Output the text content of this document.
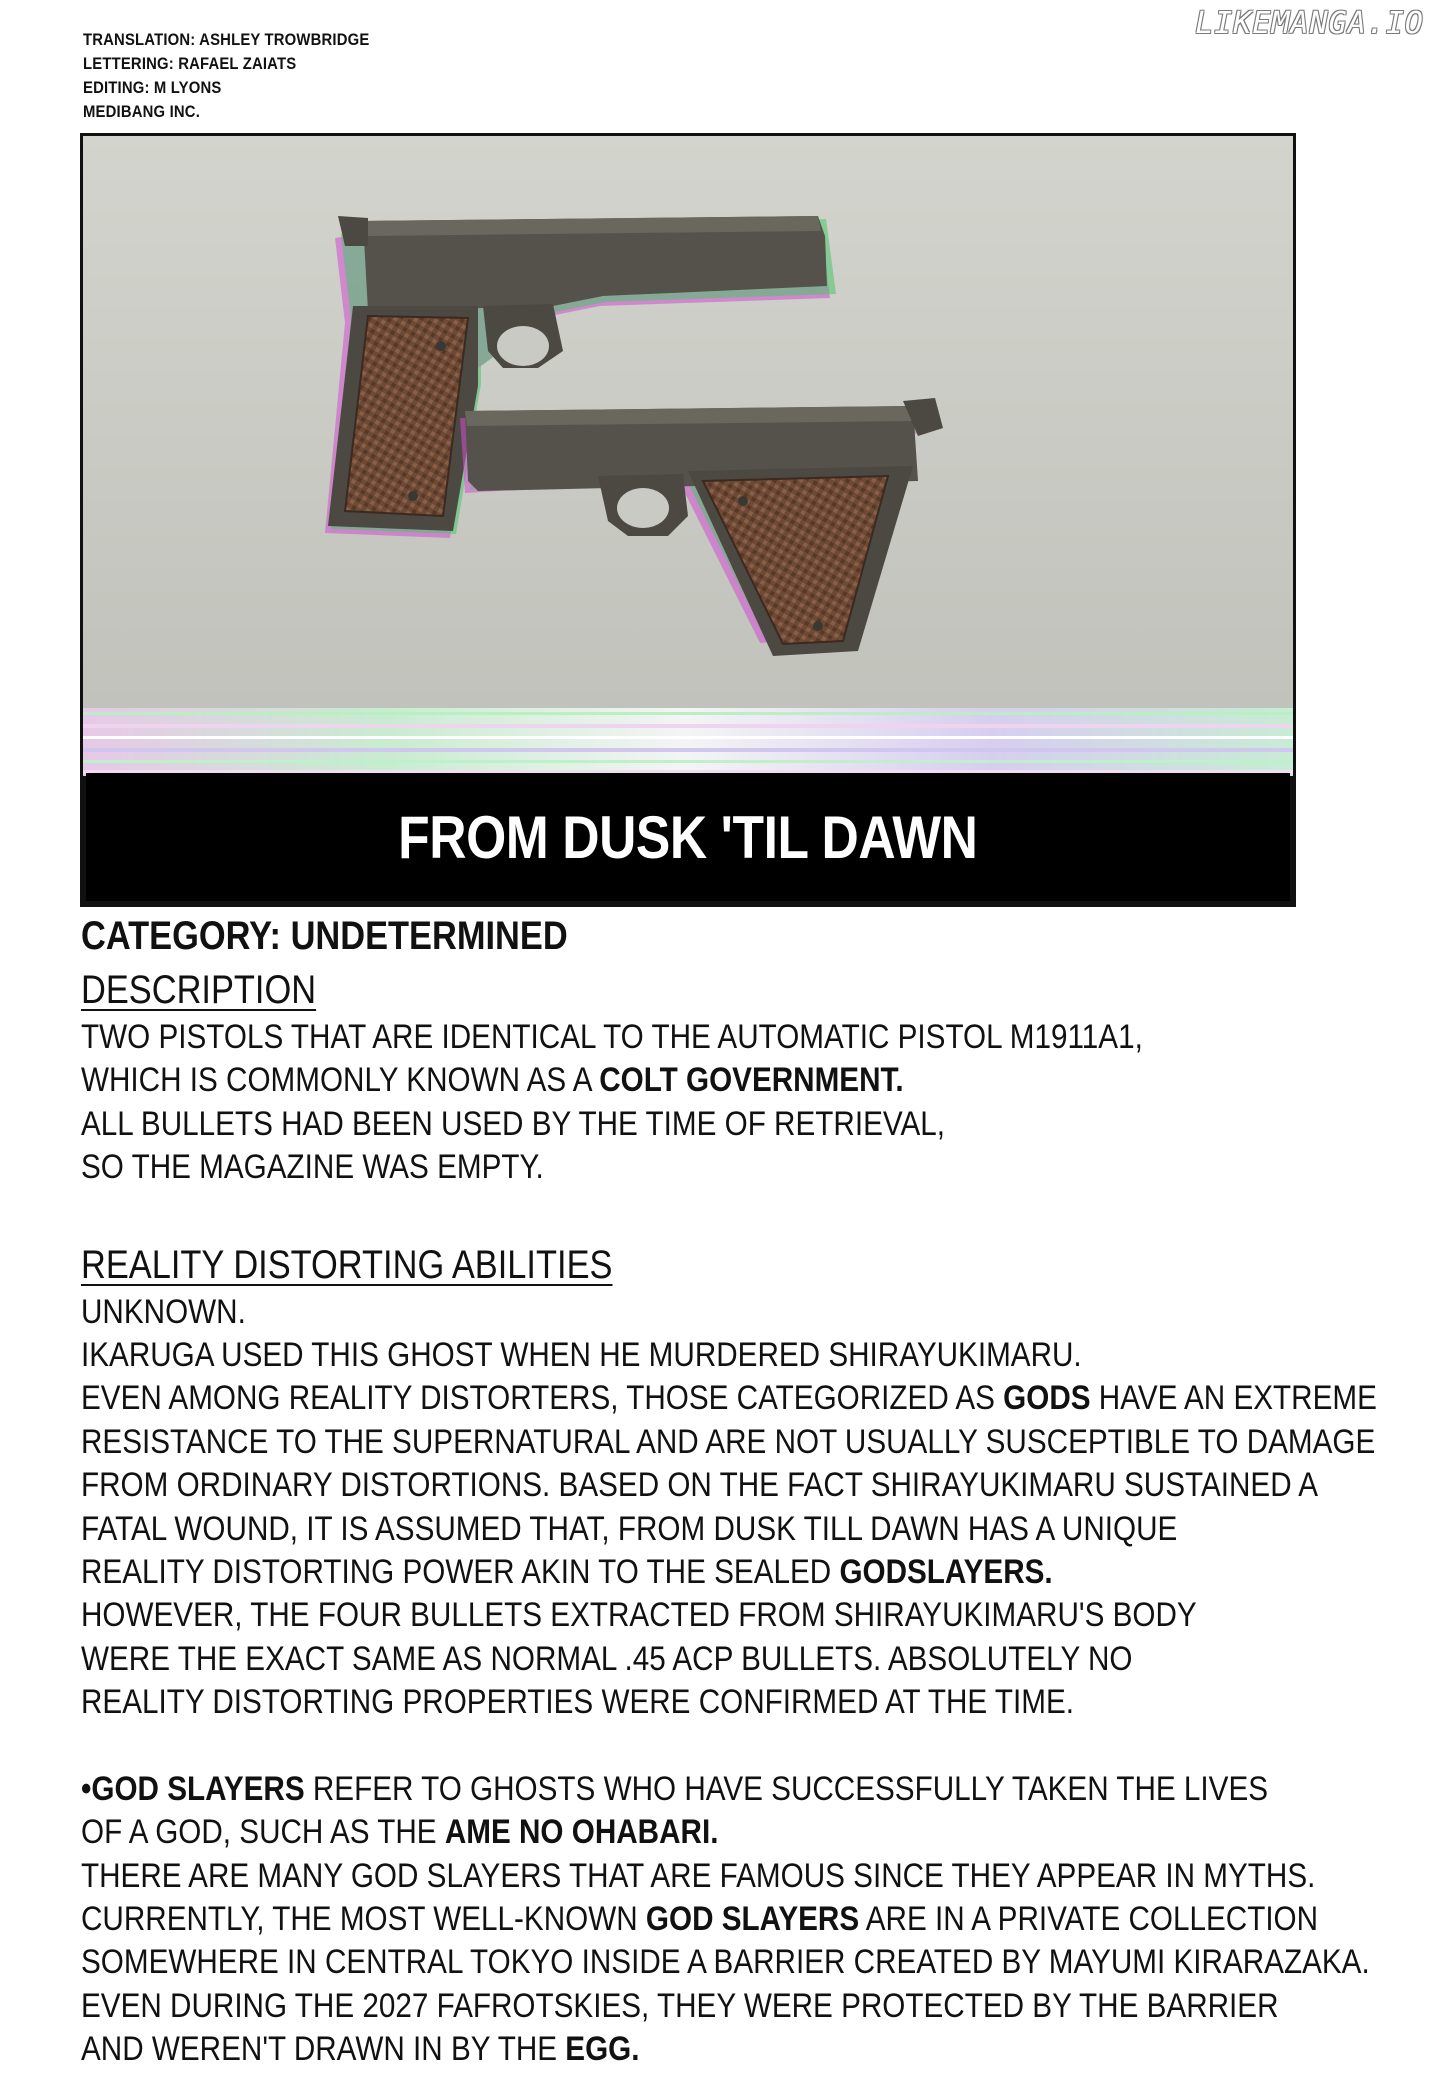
TRANSLATION: ASHLEY TROWBRIDGE
LETTERING: RAFAEL ZAIATS
EDITING: M LYONS
MEDIBANG INC.
LIKEMANGA.IO
FROM DUSK 'TIL DAWN
CATEGORY: UNDETERMINED
DESCRIPTION
TWO PISTOLS THAT ARE IDENTICAL TO THE AUTOMATIC PISTOL M1911A1,
WHICH IS COMMONLY KNOWN AS A COLT GOVERNMENT.
ALL BULLETS HAD BEEN USED BY THE TIME OF RETRIEVAL,
SO THE MAGAZINE WAS EMPTY.
REALITY DISTORTING ABILITIES
UNKNOWN.
IKARUGA USED THIS GHOST WHEN HE MURDERED SHIRAYUKIMARU.
EVEN AMONG REALITY DISTORTERS, THOSE CATEGORIZED AS GODS HAVE AN EXTREME
RESISTANCE TO THE SUPERNATURAL AND ARE NOT USUALLY SUSCEPTIBLE TO DAMAGE
FROM ORDINARY DISTORTIONS. BASED ON THE FACT SHIRAYUKIMARU SUSTAINED A
FATAL WOUND, IT IS ASSUMED THAT, FROM DUSK TILL DAWN HAS A UNIQUE
REALITY DISTORTING POWER AKIN TO THE SEALED GODSLAYERS.
HOWEVER, THE FOUR BULLETS EXTRACTED FROM SHIRAYUKIMARU'S BODY
WERE THE EXACT SAME AS NORMAL .45 ACP BULLETS. ABSOLUTELY NO
REALITY DISTORTING PROPERTIES WERE CONFIRMED AT THE TIME.
•GOD SLAYERS REFER TO GHOSTS WHO HAVE SUCCESSFULLY TAKEN THE LIVES
OF A GOD, SUCH AS THE AME NO OHABARI.
THERE ARE MANY GOD SLAYERS THAT ARE FAMOUS SINCE THEY APPEAR IN MYTHS.
CURRENTLY, THE MOST WELL-KNOWN GOD SLAYERS ARE IN A PRIVATE COLLECTION
SOMEWHERE IN CENTRAL TOKYO INSIDE A BARRIER CREATED BY MAYUMI KIRARAZAKA.
EVEN DURING THE 2027 FAFROTSKIES, THEY WERE PROTECTED BY THE BARRIER
AND WEREN'T DRAWN IN BY THE EGG.
